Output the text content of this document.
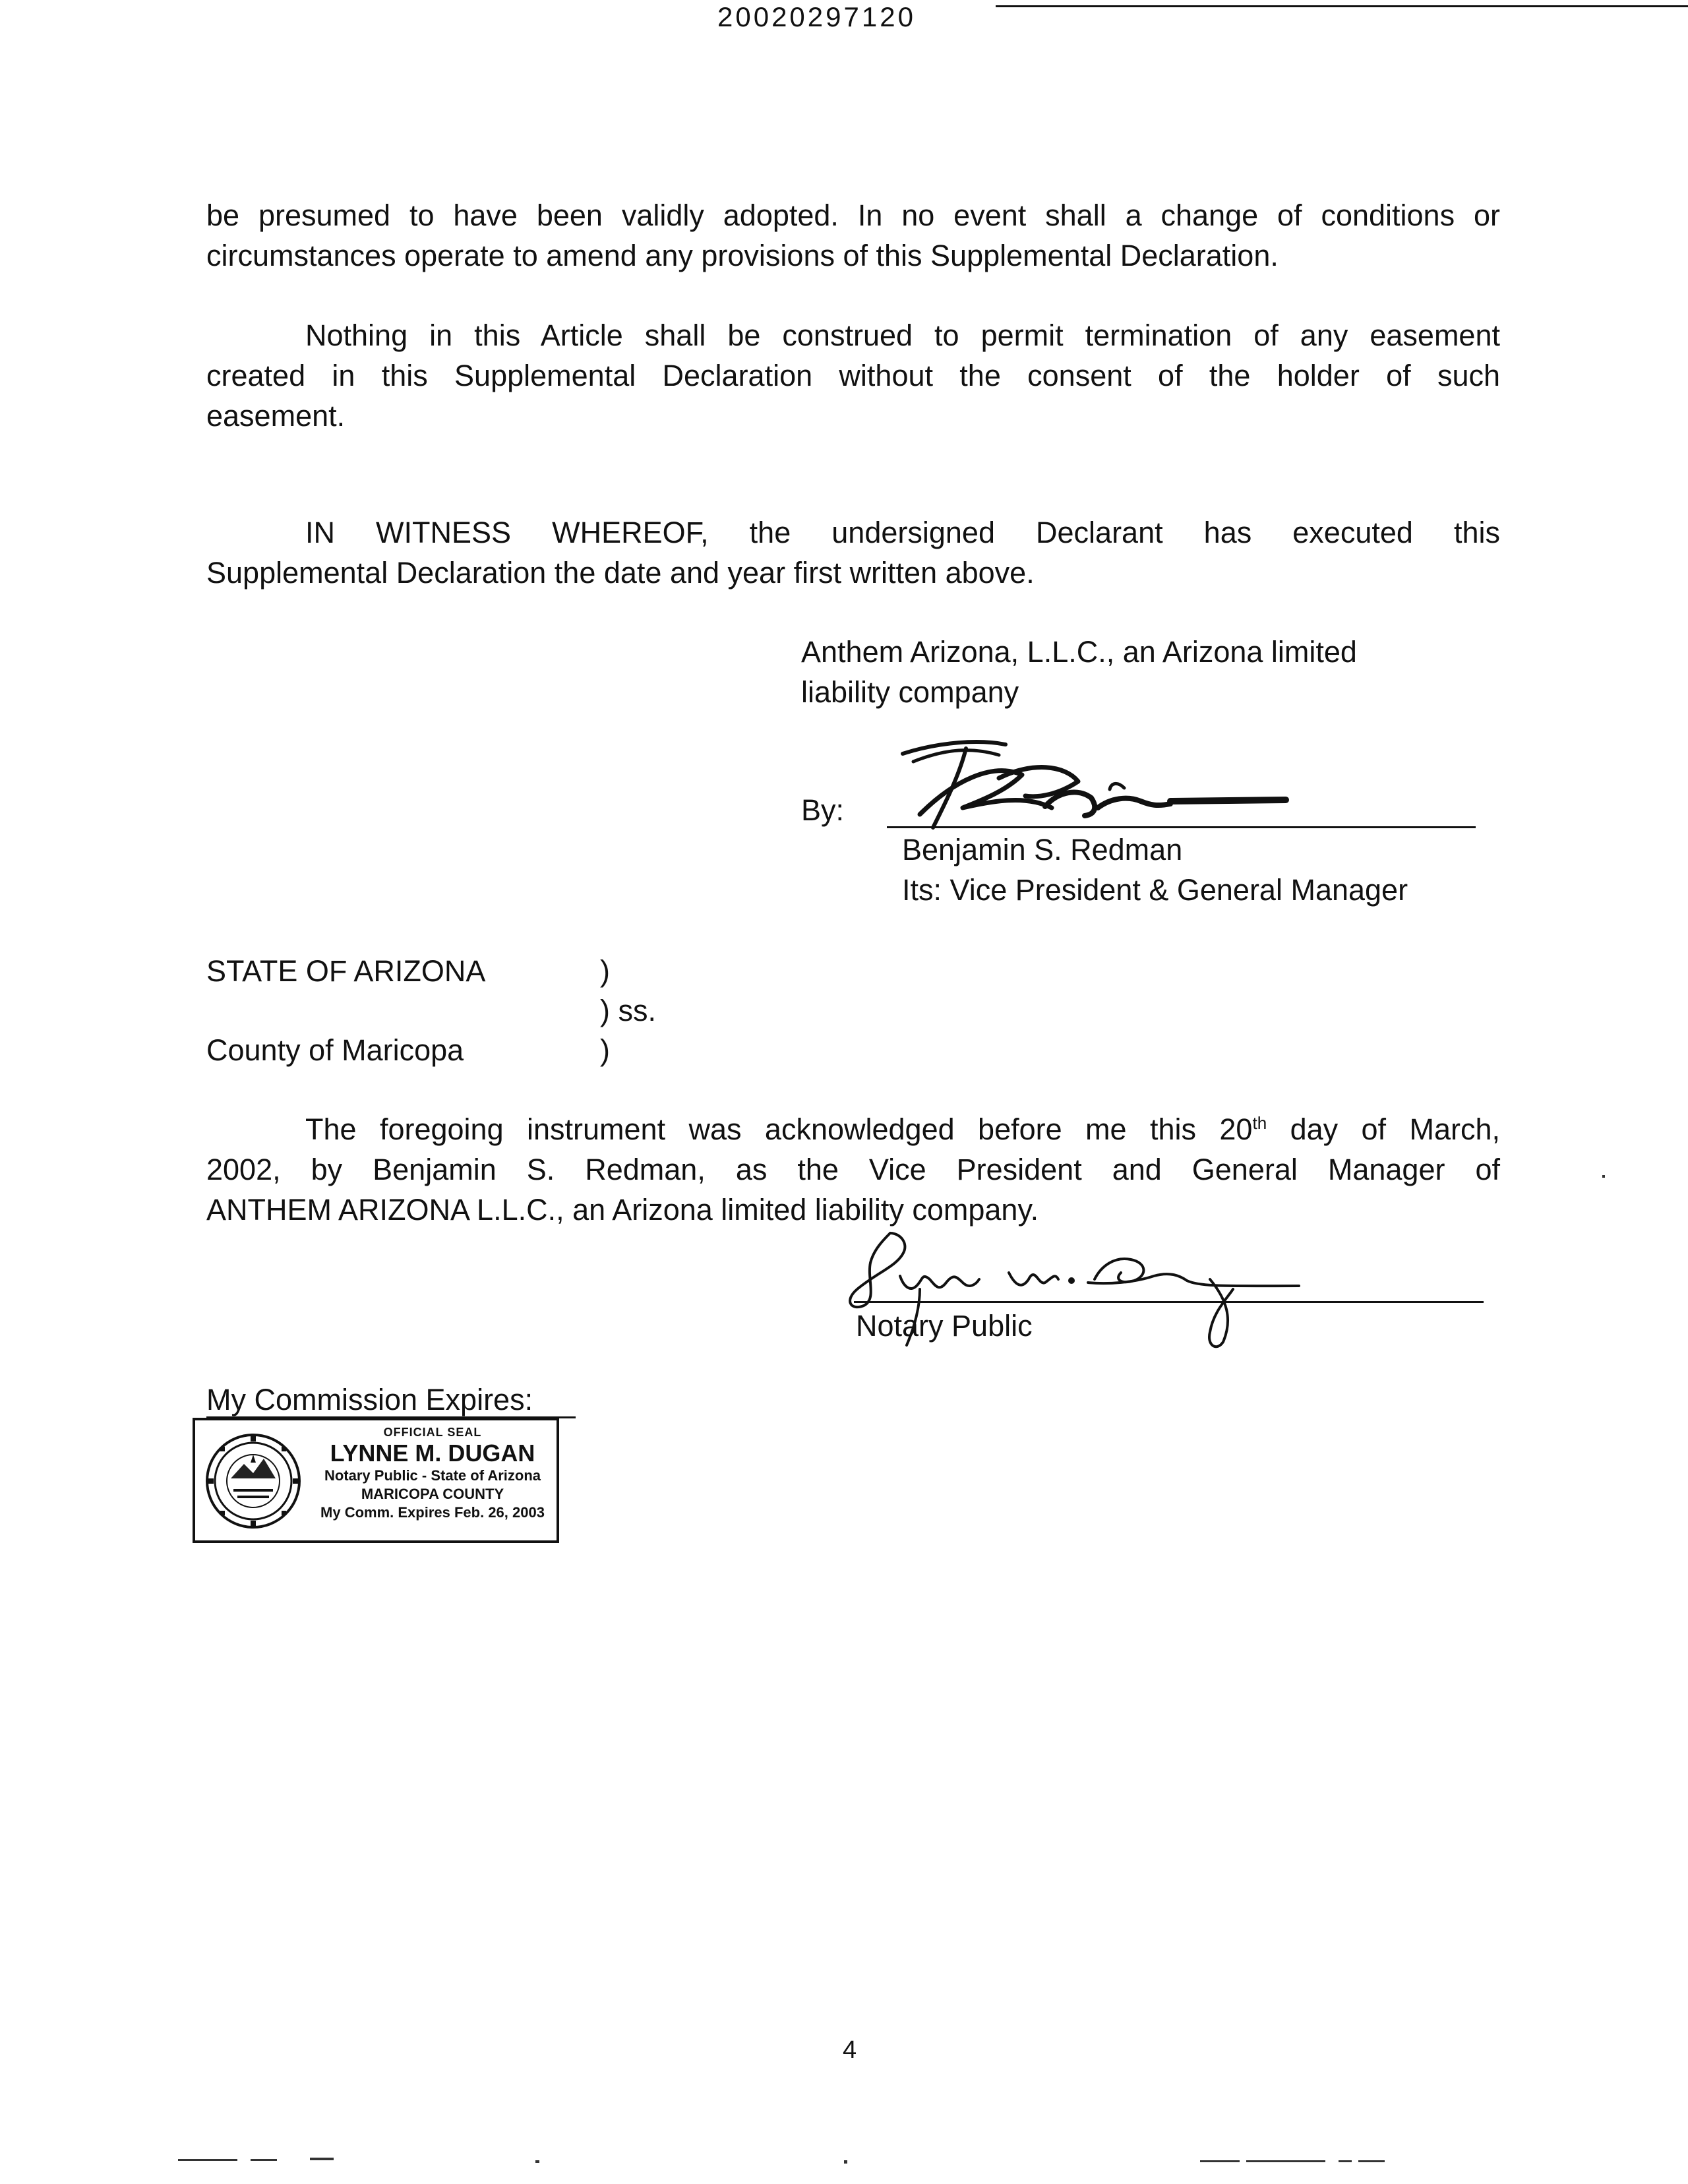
20020297120
be presumed to have been validly adopted. In no event shall a change of conditions or
circumstances operate to amend any provisions of this Supplemental Declaration.
Nothing in this Article shall be construed to permit termination of any easement
created in this Supplemental Declaration without the consent of the holder of such
easement.
IN WITNESS WHEREOF, the undersigned Declarant has executed this
Supplemental Declaration the date and year first written above.
Anthem Arizona, L.L.C., an Arizona limited
liability company
By:
Benjamin S. Redman
Its: Vice President & General Manager
STATE OF ARIZONA	)
) ss.
County of Maricopa	)
The foregoing instrument was acknowledged before me this 20th day of March,
2002, by Benjamin S. Redman, as the Vice President and General Manager of
ANTHEM ARIZONA L.L.C., an Arizona limited liability company.
Notary Public
My Commission Expires:
OFFICIAL SEAL
LYNNE M. DUGAN
Notary Public - State of Arizona
MARICOPA COUNTY
My Comm. Expires Feb. 26, 2003
4
